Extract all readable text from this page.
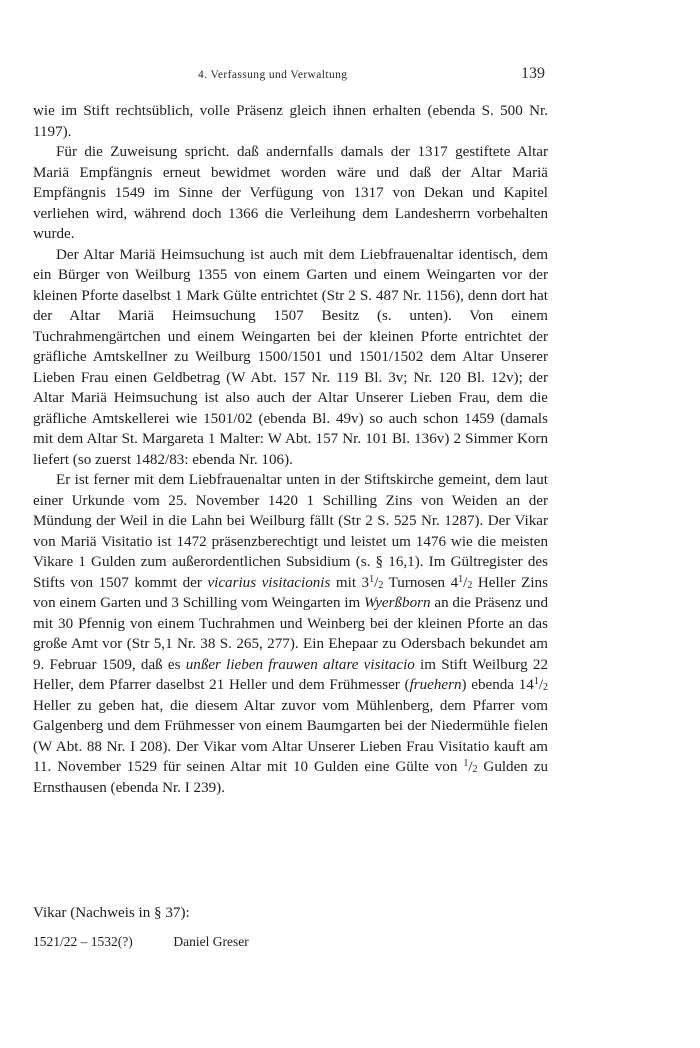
4. Verfassung und Verwaltung	139

wie im Stift rechtsüblich, volle Präsenz gleich ihnen erhalten (ebenda S. 500 Nr. 1197).

Für die Zuweisung spricht. daß andernfalls damals der 1317 gestiftete Altar Mariä Empfängnis erneut bewidmet worden wäre und daß der Altar Mariä Empfängnis 1549 im Sinne der Verfügung von 1317 von Dekan und Kapitel verliehen wird, während doch 1366 die Verleihung dem Landesherrn vorbehalten wurde.

Der Altar Mariä Heimsuchung ist auch mit dem Liebfrauenaltar identisch, dem ein Bürger von Weilburg 1355 von einem Garten und einem Weingarten vor der kleinen Pforte daselbst 1 Mark Gülte entrichtet (Str 2 S. 487 Nr. 1156), denn dort hat der Altar Mariä Heimsuchung 1507 Besitz (s. unten). Von einem Tuchrahmengärtchen und einem Weingarten bei der kleinen Pforte entrichtet der gräfliche Amtskellner zu Weilburg 1500/1501 und 1501/1502 dem Altar Unserer Lieben Frau einen Geldbetrag (W Abt. 157 Nr. 119 Bl. 3v; Nr. 120 Bl. 12v); der Altar Mariä Heimsuchung ist also auch der Altar Unserer Lieben Frau, dem die gräfliche Amtskellerei wie 1501/02 (ebenda Bl. 49v) so auch schon 1459 (damals mit dem Altar St. Margareta 1 Malter: W Abt. 157 Nr. 101 Bl. 136v) 2 Simmer Korn liefert (so zuerst 1482/83: ebenda Nr. 106).

Er ist ferner mit dem Liebfrauenaltar unten in der Stiftskirche gemeint, dem laut einer Urkunde vom 25. November 1420 1 Schilling Zins von Weiden an der Mündung der Weil in die Lahn bei Weilburg fällt (Str 2 S. 525 Nr. 1287). Der Vikar von Mariä Visitatio ist 1472 präsenzberechtigt und leistet um 1476 wie die meisten Vikare 1 Gulden zum außerordentlichen Subsidium (s. § 16,1). Im Gültregister des Stifts von 1507 kommt der vicarius visitacionis mit $3^1/2$ Turnosen $4^1/2$ Heller Zins von einem Garten und 3 Schilling vom Weingarten im Wyerßborn an die Präsenz und mit 30 Pfennig von einem Tuchrahmen und Weinberg bei der kleinen Pforte an das große Amt vor (Str 5,1 Nr. 38 S. 265, 277). Ein Ehepaar zu Odersbach bekundet am 9. Februar 1509, daß es unßer lieben frauwen altare visitacio im Stift Weilburg 22 Heller, dem Pfarrer daselbst 21 Heller und dem Frühmesser (fruehern) ebenda $14^1/2$ Heller zu geben hat, die diesem Altar zuvor vom Mühlenberg, dem Pfarrer vom Galgenberg und dem Frühmesser von einem Baumgarten bei der Niedermühle fielen (W Abt. 88 Nr. I 208). Der Vikar vom Altar Unserer Lieben Frau Visitatio kauft am 11. November 1529 für seinen Altar mit 10 Gulden eine Gülte von $^1$/2 Gulden zu Ernsthausen (ebenda Nr. I 239).

Vikar (Nachweis in § 37):
1521/22 – 1532(?)	Daniel Greser
